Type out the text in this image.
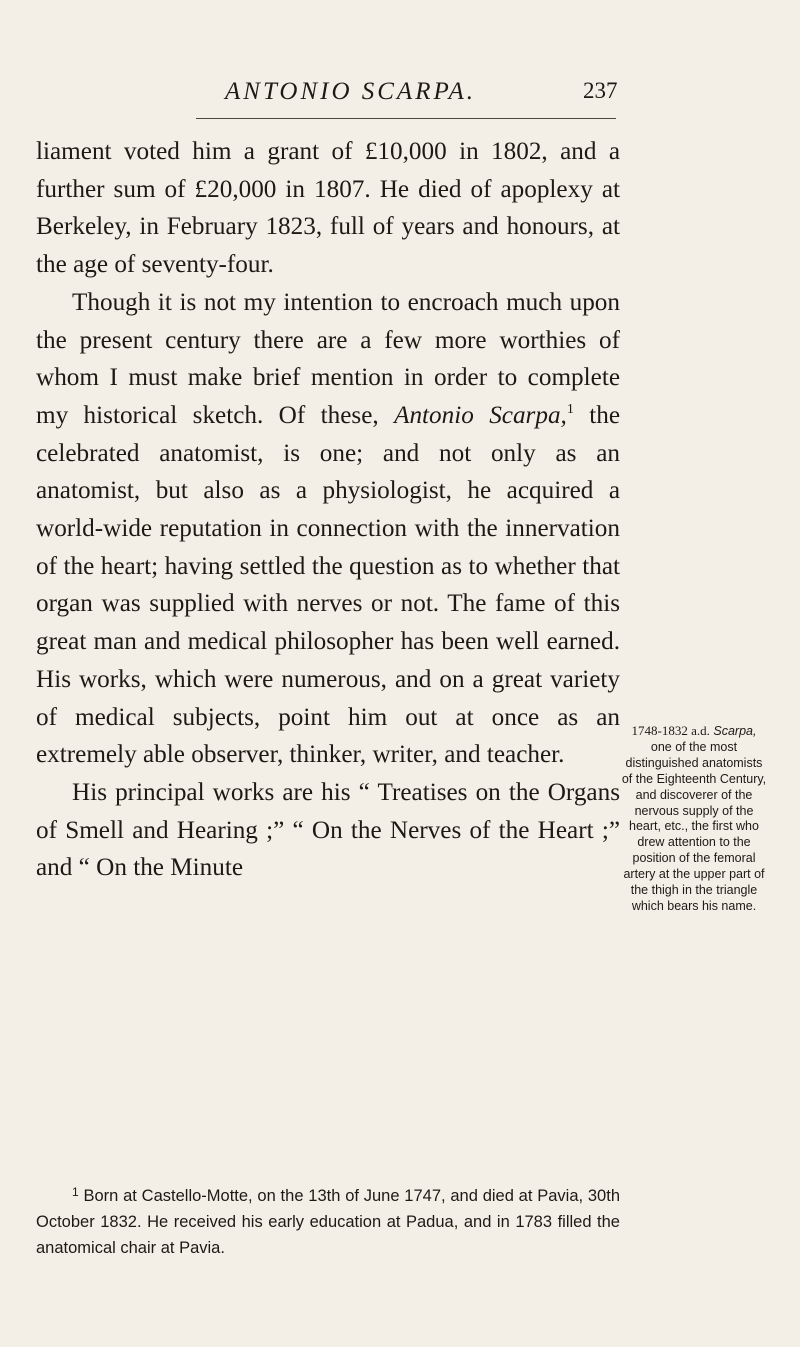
ANTONIO SCARPA.	237

liament voted him a grant of £10,000 in 1802, and a further sum of £20,000 in 1807. He died of apoplexy at Berkeley, in February 1823, full of years and honours, at the age of seventy-four.

Though it is not my intention to encroach much upon the present century there are a few more worthies of whom I must make brief mention in order to complete my historical sketch. Of these, Antonio Scarpa,$^1$ the celebrated anatomist, is one; and not only as an anatomist, but also as a physiologist, he acquired a world-wide reputation in connection with the innervation of the heart; having settled the question as to whether that organ was supplied with nerves or not. The fame of this great man and medical philosopher has been well earned. His works, which were numerous, and on a great variety of medical subjects, point him out at once as an extremely able observer, thinker, writer, and teacher.

His principal works are his “ Treatises on the Organs of Smell and Hearing ;” “ On the Nerves of the Heart ;” and “ On the Minute

1748-1832 a.d. Scarpa, one of the most distinguished anatomists of the Eighteenth Century, and discoverer of the nervous supply of the heart, etc., the first who drew attention to the position of the femoral artery at the upper part of the thigh in the triangle which bears his name.

$^1$ Born at Castello-Motte, on the 13th of June 1747, and died at Pavia, 30th October 1832. He received his early education at Padua, and in 1783 filled the anatomical chair at Pavia.
